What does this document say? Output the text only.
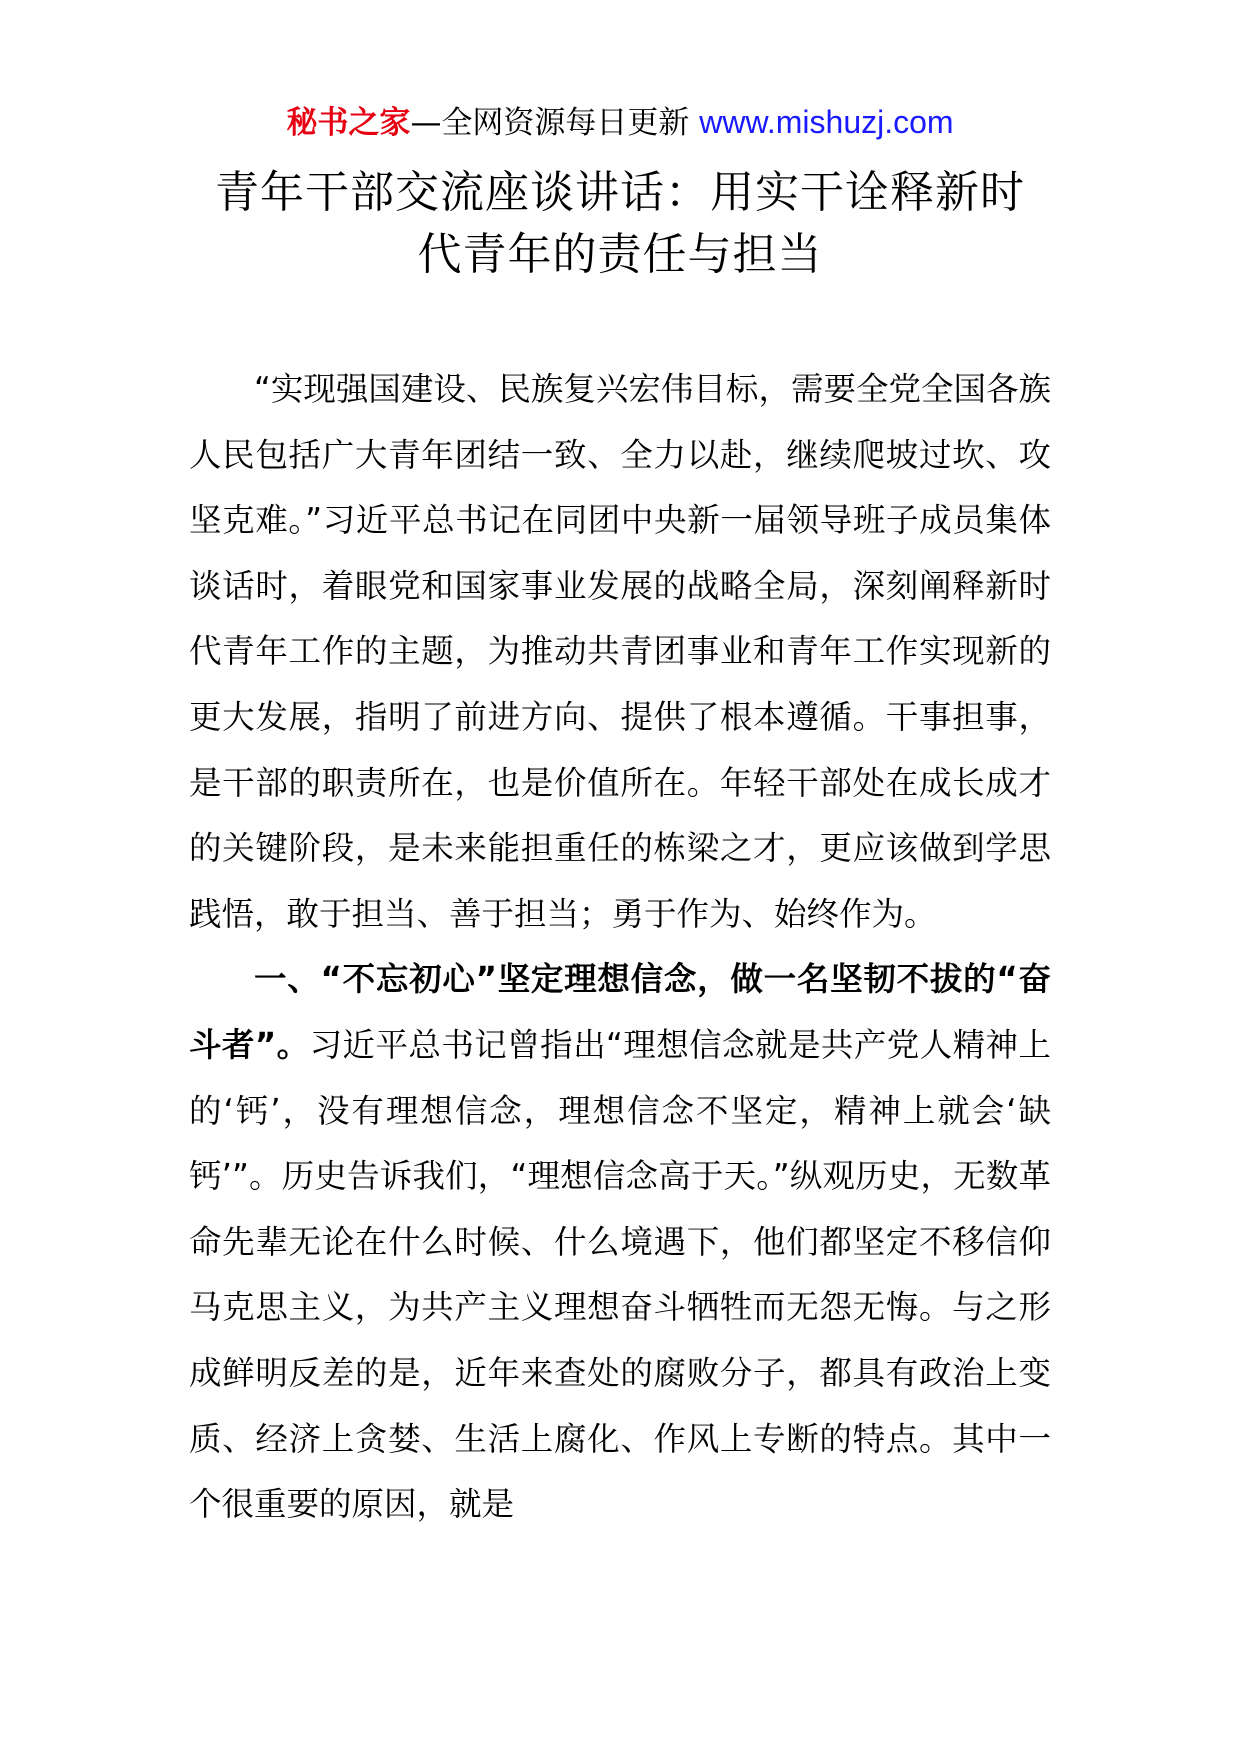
秘书之家—全网资源每日更新 www.mishuzj.com
青年干部交流座谈讲话：用实干诠释新时
代青年的责任与担当

“实现强国建设、民族复兴宏伟目标，需要全党全国各族人民包括广大青年团结一致、全力以赴，继续爬坡过坎、攻坚克难。”习近平总书记在同团中央新一届领导班子成员集体谈话时，着眼党和国家事业发展的战略全局，深刻阐释新时代青年工作的主题，为推动共青团事业和青年工作实现新的更大发展，指明了前进方向、提供了根本遵循。干事担事，是干部的职责所在，也是价值所在。年轻干部处在成长成才的关键阶段，是未来能担重任的栋梁之才，更应该做到学思践悟，敢于担当、善于担当；勇于作为、始终作为。

一、“不忘初心”坚定理想信念，做一名坚韧不拔的“奋斗者”。习近平总书记曾指出“理想信念就是共产党人精神上的‘钙’，没有理想信念，理想信念不坚定，精神上就会‘缺钙’”。历史告诉我们，“理想信念高于天。”纵观历史，无数革命先辈无论在什么时候、什么境遇下，他们都坚定不移信仰马克思主义，为共产主义理想奋斗牺牲而无怨无悔。与之形成鲜明反差的是，近年来查处的腐败分子，都具有政治上变质、经济上贪婪、生活上腐化、作风上专断的特点。其中一个很重要的原因，就是
